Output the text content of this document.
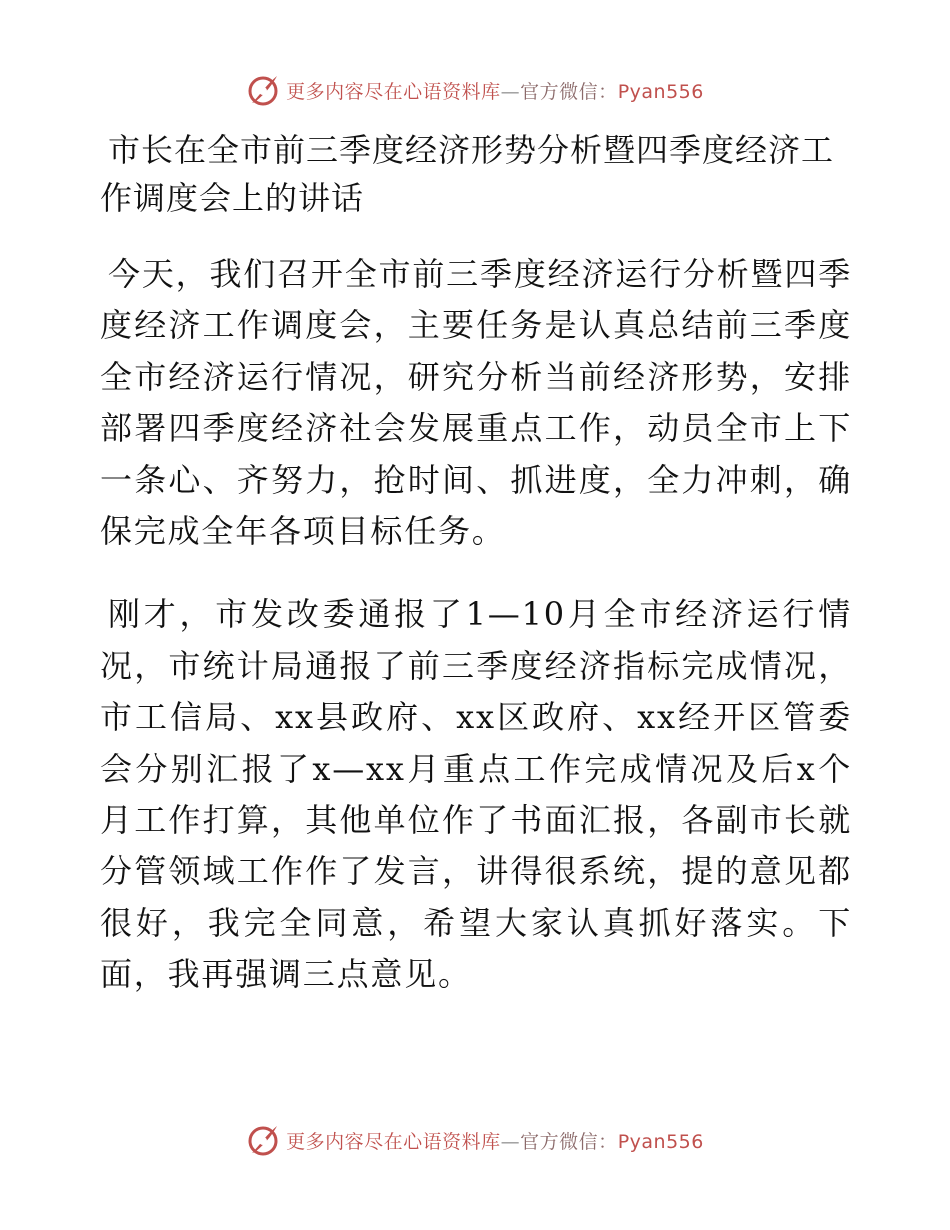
更多内容尽在心语资料库—官方微信：Pyan556
市长在全市前三季度经济形势分析暨四季度经济工作调度会上的讲话

今天，我们召开全市前三季度经济运行分析暨四季度经济工作调度会，主要任务是认真总结前三季度全市经济运行情况，研究分析当前经济形势，安排部署四季度经济社会发展重点工作，动员全市上下一条心、齐努力，抢时间、抓进度，全力冲刺，确保完成全年各项目标任务。

刚才，市发改委通报了1—10月全市经济运行情况，市统计局通报了前三季度经济指标完成情况，市工信局、xx县政府、xx区政府、xx经开区管委会分别汇报了x—xx月重点工作完成情况及后x个月工作打算，其他单位作了书面汇报，各副市长就分管领域工作作了发言，讲得很系统，提的意见都很好，我完全同意，希望大家认真抓好落实。下面，我再强调三点意见。

更多内容尽在心语资料库—官方微信：Pyan556
